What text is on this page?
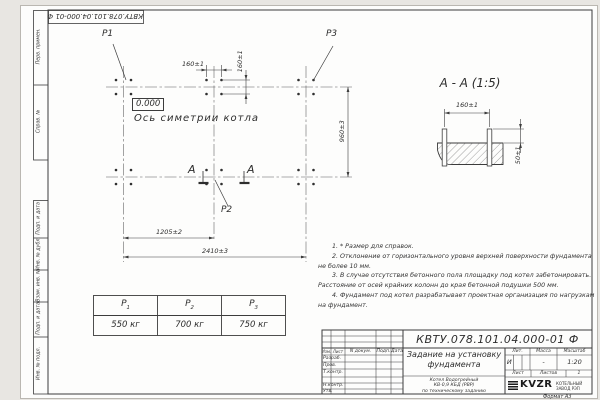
КВТУ.078.101.04.000-01 Ф
Перв. примен.
Справ. №
Подп. и дата
Инв. № дубл.
Взам. инв. №
Подп. и дата
Инв. № подл.
P1	P3
P2
0.000
Ось симетрии котла
160±1	160±1
960±3
1205±2
2410±3
А	А
А - А (1:5)
160±1
50±1

1. * Размер для справок.

2. Отклонение от горизонтального уровня верхней поверхности фундамента не более 10 мм.

3. В случае отсутствия бетонного пола площадку под котел забетонировать. Расстояние от осей крайних колонн до края бетонной подушки 500 мм.

4. Фундамент под котел разрабатывает проектная организация по нагрузкам на фундамент.

$P_1$	$P_2$	$P_3$
550 кг	700 кг	750 кг
КВТУ.078.101.04.000-01 Ф
Изм. Лист	N докум.	Подп. Дата
Разраб.
Пров.
Т.контр.
Н.контр.
Утв.
Задание на установку фундамента
Котел Водогрейный
КВ-0,9 КБД (РВР)
по техническому заданию
Лит.	Масса	Масштаб
И	-	1:20
Лист	Листов	1
KVZR КОТЕЛЬНЫЙ
ЗАВОД РЭП
Формат А3
